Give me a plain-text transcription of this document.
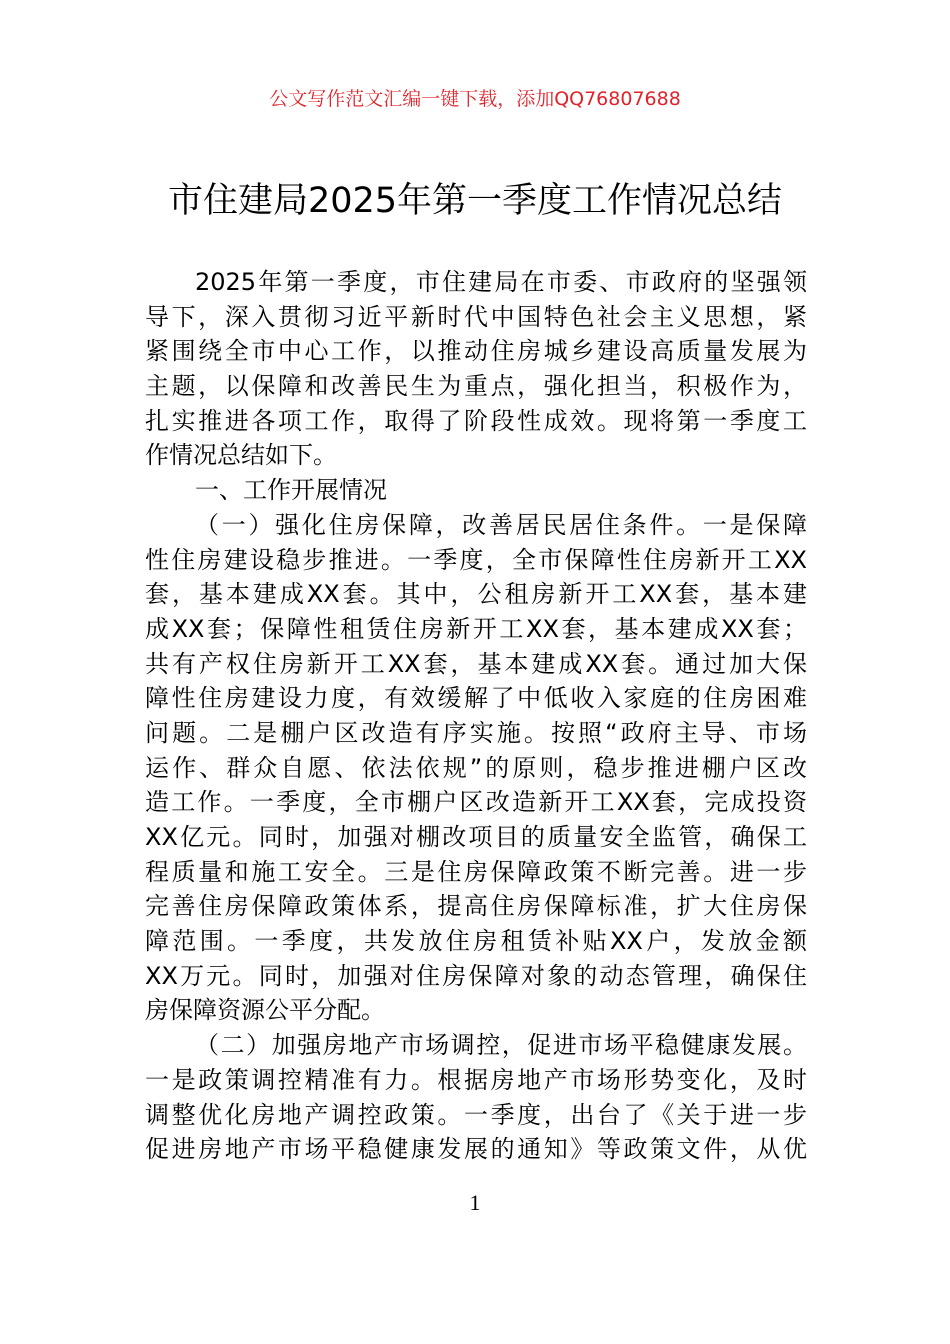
公文写作范文汇编一键下载，添加QQ76807688
市住建局2025年第一季度工作情况总结
2025年第一季度，市住建局在市委、市政府的坚强领
导下，深入贯彻习近平新时代中国特色社会主义思想，紧
紧围绕全市中心工作，以推动住房城乡建设高质量发展为
主题，以保障和改善民生为重点，强化担当，积极作为，
扎实推进各项工作，取得了阶段性成效。现将第一季度工
作情况总结如下。
一、工作开展情况
（一）强化住房保障，改善居民居住条件。一是保障
性住房建设稳步推进。一季度，全市保障性住房新开工XX
套，基本建成XX套。其中，公租房新开工XX套，基本建
成XX套；保障性租赁住房新开工XX套，基本建成XX套；
共有产权住房新开工XX套，基本建成XX套。通过加大保
障性住房建设力度，有效缓解了中低收入家庭的住房困难
问题。二是棚户区改造有序实施。按照“政府主导、市场
运作、群众自愿、依法依规”的原则，稳步推进棚户区改
造工作。一季度，全市棚户区改造新开工XX套，完成投资
XX亿元。同时，加强对棚改项目的质量安全监管，确保工
程质量和施工安全。三是住房保障政策不断完善。进一步
完善住房保障政策体系，提高住房保障标准，扩大住房保
障范围。一季度，共发放住房租赁补贴XX户，发放金额
XX万元。同时，加强对住房保障对象的动态管理，确保住
房保障资源公平分配。
（二）加强房地产市场调控，促进市场平稳健康发展。
一是政策调控精准有力。根据房地产市场形势变化，及时
调整优化房地产调控政策。一季度，出台了《关于进一步
促进房地产市场平稳健康发展的通知》等政策文件，从优
1
